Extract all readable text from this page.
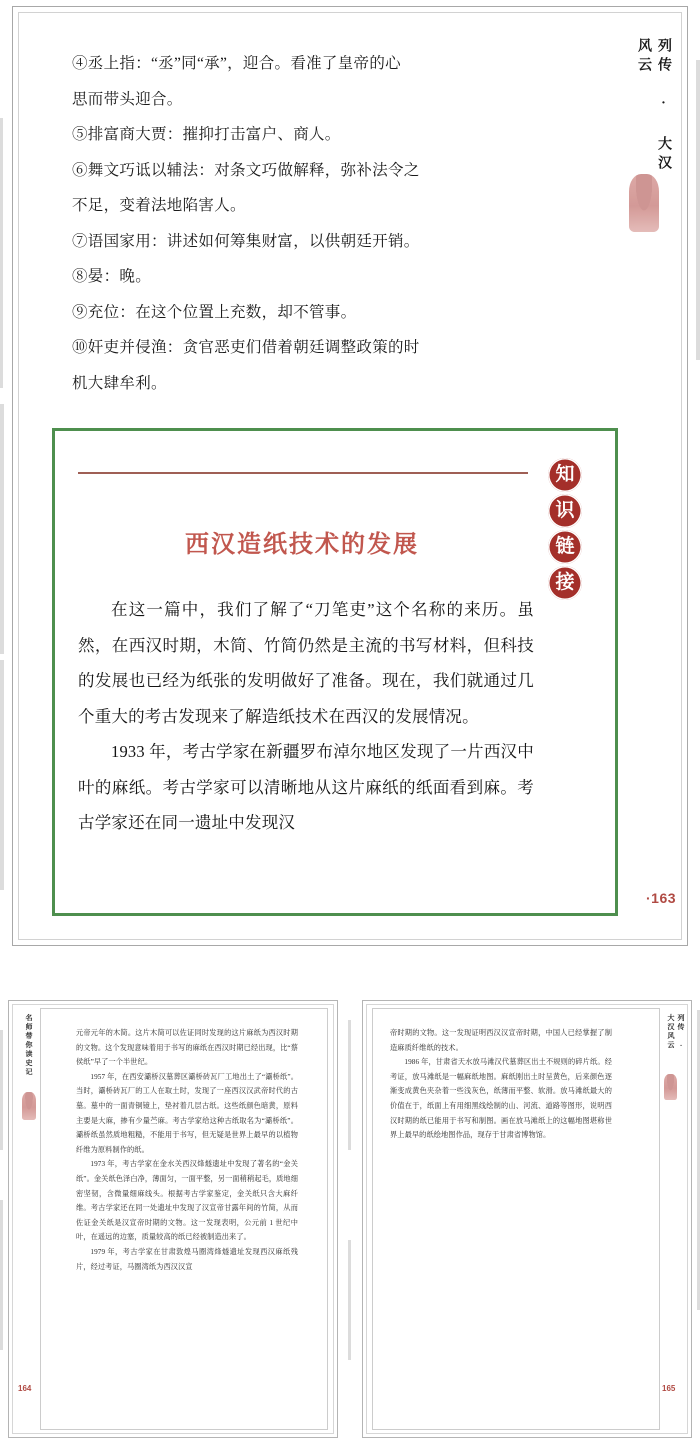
④丞上指：“丞”同“承”，迎合。看准了皇帝的心
思而带头迎合。
⑤排富商大贾：摧抑打击富户、商人。
⑥舞文巧诋以辅法：对条文巧做解释，弥补法令之
不足，变着法地陷害人。
⑦语国家用：讲述如何筹集财富，以供朝廷开销。
⑧晏：晚。
⑨充位：在这个位置上充数，却不管事。
⑩奸吏并侵渔：贪官恶吏们借着朝廷调整政策的时
机大肆牟利。
列传 · 大汉风云
·163
西汉造纸技术的发展
知
识
链
接

在这一篇中，我们了解了“刀笔吏”这个名称的来历。虽然，在西汉时期，木简、竹简仍然是主流的书写材料，但科技的发展也已经为纸张的发明做好了准备。现在，我们就通过几个重大的考古发现来了解造纸技术在西汉的发展情况。

1933 年，考古学家在新疆罗布淖尔地区发现了一片西汉中叶的麻纸。考古学家可以清晰地从这片麻纸的纸面看到麻。考古学家还在同一遗址中发现汉

名师带你读史记	元帝元年的木简。这片木简可以佐证同时发现的这片麻纸为西汉时期的文物。这个发现意味着用于书写的麻纸在西汉时期已经出现，比“蔡侯纸”早了一个半世纪。

1957 年，在西安灞桥汉墓葬区灞桥砖瓦厂工地出土了“灞桥纸”。当时，灞桥砖瓦厂的工人在取土时，发现了一座西汉汉武帝时代的古墓。墓中的一面青铜镜上，垫衬着几层古纸。这些纸颜色暗黄，原料主要是大麻，掺有少量苎麻。考古学家给这种古纸取名为“灞桥纸”。灞桥纸虽然质地粗糙，不能用于书写，但无疑是世界上最早的以植物纤维为原料制作的纸。

1973 年，考古学家在金水关西汉烽燧遗址中发现了著名的“金关纸”。金关纸色泽白净，薄面匀，一面平整，另一面稍稍起毛，质地细密坚韧，含微量细麻线头。根据考古学家鉴定，金关纸只含大麻纤维。考古学家还在同一处遗址中发现了汉宣帝甘露年间的竹简，从而佐证金关纸是汉宣帝时期的文物。这一发现表明，公元前 1 世纪中叶，在遥远的边塞，质量较高的纸已经被制造出来了。

1979 年，考古学家在甘肃敦煌马圈湾烽燧遗址发现西汉麻纸残片，经过考证，马圈湾纸为西汉汉宣

164
列传 · 大汉风云

帝时期的文物。这一发现证明西汉汉宣帝时期，中国人已经掌握了制造麻质纤维纸的技术。

1986 年，甘肃省天水放马滩汉代墓葬区出土不规则的碎片纸。经考证，放马滩纸是一幅麻纸地图。麻纸刚出土时呈黄色，后来颜色逐渐变成黄色夹杂着一些浅灰色，纸薄而平整、软滑。放马滩纸最大的价值在于，纸面上有用细黑线绘制的山、河流、道路等图形，说明西汉时期的纸已能用于书写和制图。画在放马滩纸上的这幅地图堪称世界上最早的纸绘地图作品，现存于甘肃省博物馆。

165
